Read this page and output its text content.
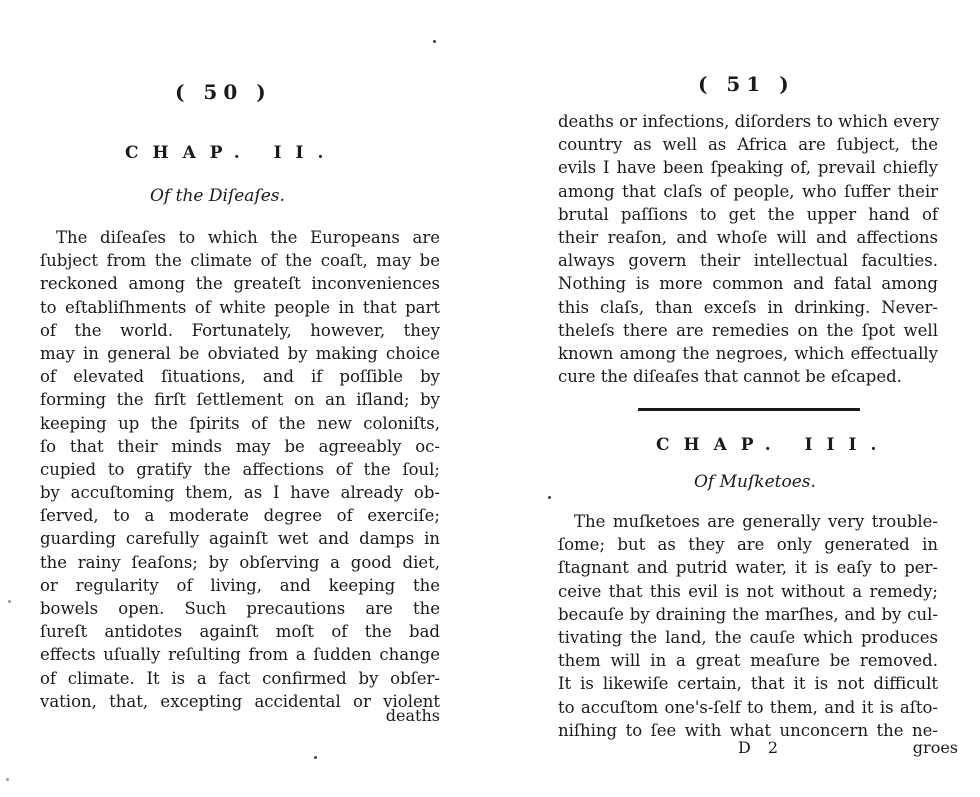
( 50 )
CHAP. II.
Of the Diſeaſes.
The diſeaſes to which the Europeans are
ſubject from the climate of the coaſt, may be
reckoned among the greateſt inconveniences
to eſtabliſhments of white people in that part
of the world. Fortunately, however, they
may in general be obviated by making choice
of elevated ſituations, and if poſſible by
forming the firſt ſettlement on an iſland; by
keeping up the ſpirits of the new coloniſts,
ſo that their minds may be agreeably oc-
cupied to gratify the affections of the ſoul;
by accuſtoming them, as I have already ob-
ſerved, to a moderate degree of exerciſe;
guarding carefully againſt wet and damps in
the rainy ſeaſons; by obſerving a good diet,
or regularity of living, and keeping the
bowels open. Such precautions are the
ſureſt antidotes againſt moſt of the bad
effects uſually reſulting from a ſudden change
of climate. It is a fact confirmed by obſer-
vation, that, excepting accidental or violent
deaths
( 51 )
deaths or infections, diſorders to which every
country as well as Africa are ſubject, the
evils I have been ſpeaking of, prevail chiefly
among that claſs of people, who ſuffer their
brutal paſſions to get the upper hand of
their reaſon, and whoſe will and affections
always govern their intellectual faculties.
Nothing is more common and fatal among
this claſs, than exceſs in drinking. Never-
theleſs there are remedies on the ſpot well
known among the negroes, which effectually
cure the diſeaſes that cannot be eſcaped.
CHAP. III.
Of Muſketoes.
The muſketoes are generally very trouble-
ſome; but as they are only generated in
ſtagnant and putrid water, it is eaſy to per-
ceive that this evil is not without a remedy;
becauſe by draining the marſhes, and by cul-
tivating the land, the cauſe which produces
them will in a great meaſure be removed.
It is likewiſe certain, that it is not difficult
to accuſtom one's-ſelf to them, and it is aſto-
niſhing to ſee with what unconcern the ne-
D 2	groes
